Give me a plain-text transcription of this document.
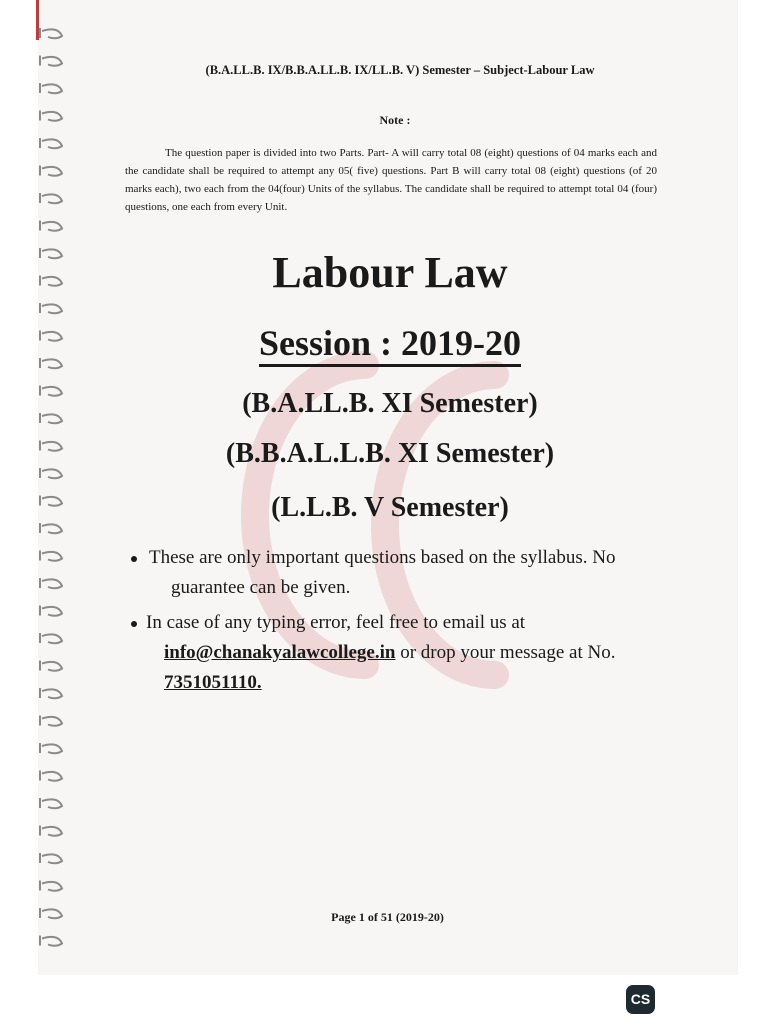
(B.A.LL.B. IX/B.B.A.LL.B. IX/LL.B. V) Semester – Subject-Labour Law
Note :
The question paper is divided into two Parts. Part- A will carry total 08 (eight) questions of 04 marks each and the candidate shall be required to attempt any 05( five) questions. Part B will carry total 08 (eight) questions (of 20 marks each), two each from the 04(four) Units of the syllabus. The candidate shall be required to attempt total 04 (four) questions, one each from every Unit.
Labour Law
Session : 2019-20
(B.A.LL.B. XI Semester)
(B.B.A.L.L.B. XI Semester)
(L.L.B. V Semester)
These are only important questions based on the syllabus. No
guarantee can be given.
In case of any typing error, feel free to email us at
info@chanakyalawcollege.in or drop your message at No.
7351051110.
Page 1 of 51 (2019-20)
CS
